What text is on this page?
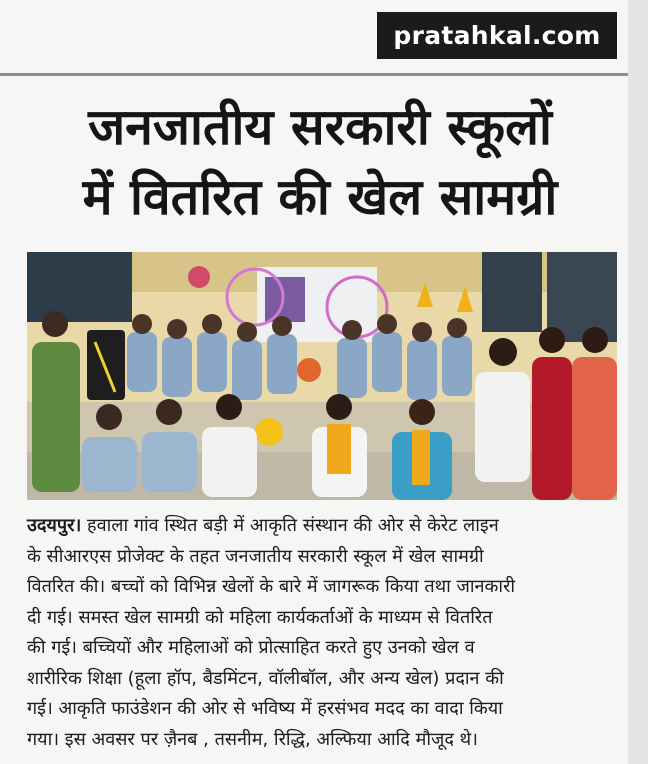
pratahkal.com
जनजातीय सरकारी स्कूलों
में वितरित की खेल सामग्री
उदयपुर। हवाला गांव स्थित बड़ी में आकृति संस्थान की ओर से केरेट लाइन
के सीआरएस प्रोजेक्ट के तहत जनजातीय सरकारी स्कूल में खेल सामग्री
वितरित की। बच्चों को विभिन्न खेलों के बारे में जागरूक किया तथा जानकारी
दी गई। समस्त खेल सामग्री को महिला कार्यकर्ताओं के माध्यम से वितरित
की गई। बच्चियों और महिलाओं को प्रोत्साहित करते हुए उनको खेल व
शारीरिक शिक्षा (हूला हॉप, बैडमिंटन, वॉलीबॉल, और अन्य खेल) प्रदान की
गई। आकृति फाउंडेशन की ओर से भविष्य में हरसंभव मदद का वादा किया
गया। इस अवसर पर ज़ैनब , तसनीम, रिद्धि, अल्फिया आदि मौजूद थे।
